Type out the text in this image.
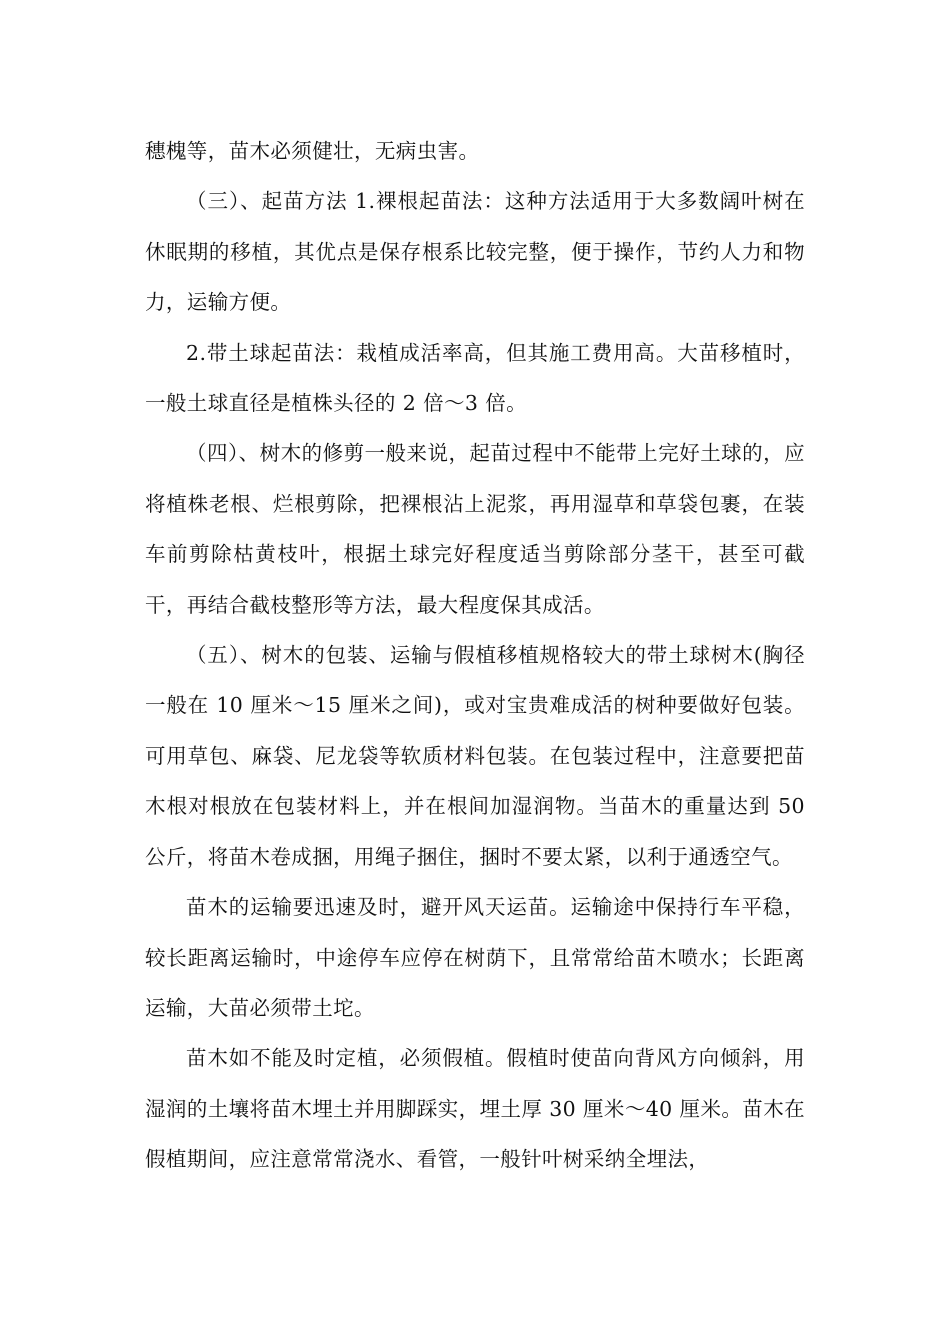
穗槐等，苗木必须健壮，无病虫害。

（三）、起苗方法 1.裸根起苗法：这种方法适用于大多数阔叶树在休眠期的移植，其优点是保存根系比较完整，便于操作，节约人力和物力，运输方便。

2.带土球起苗法：栽植成活率高，但其施工费用高。大苗移植时，一般土球直径是植株头径的 2 倍～3 倍。

（四）、树木的修剪一般来说，起苗过程中不能带上完好土球的，应将植株老根、烂根剪除，把裸根沾上泥浆，再用湿草和草袋包裹，在装车前剪除枯黄枝叶，根据土球完好程度适当剪除部分茎干，甚至可截干，再结合截枝整形等方法，最大程度保其成活。

（五）、树木的包装、运输与假植移植规格较大的带土球树木(胸径一般在 10 厘米～15 厘米之间)，或对宝贵难成活的树种要做好包装。可用草包、麻袋、尼龙袋等软质材料包装。在包装过程中，注意要把苗木根对根放在包装材料上，并在根间加湿润物。当苗木的重量达到 50 公斤，将苗木卷成捆，用绳子捆住，捆时不要太紧，以利于通透空气。

苗木的运输要迅速及时，避开风天运苗。运输途中保持行车平稳，较长距离运输时，中途停车应停在树荫下，且常常给苗木喷水；长距离运输，大苗必须带土坨。

苗木如不能及时定植，必须假植。假植时使苗向背风方向倾斜，用湿润的土壤将苗木埋土并用脚踩实，埋土厚 30 厘米～40 厘米。苗木在假植期间，应注意常常浇水、看管，一般针叶树采纳全埋法，
